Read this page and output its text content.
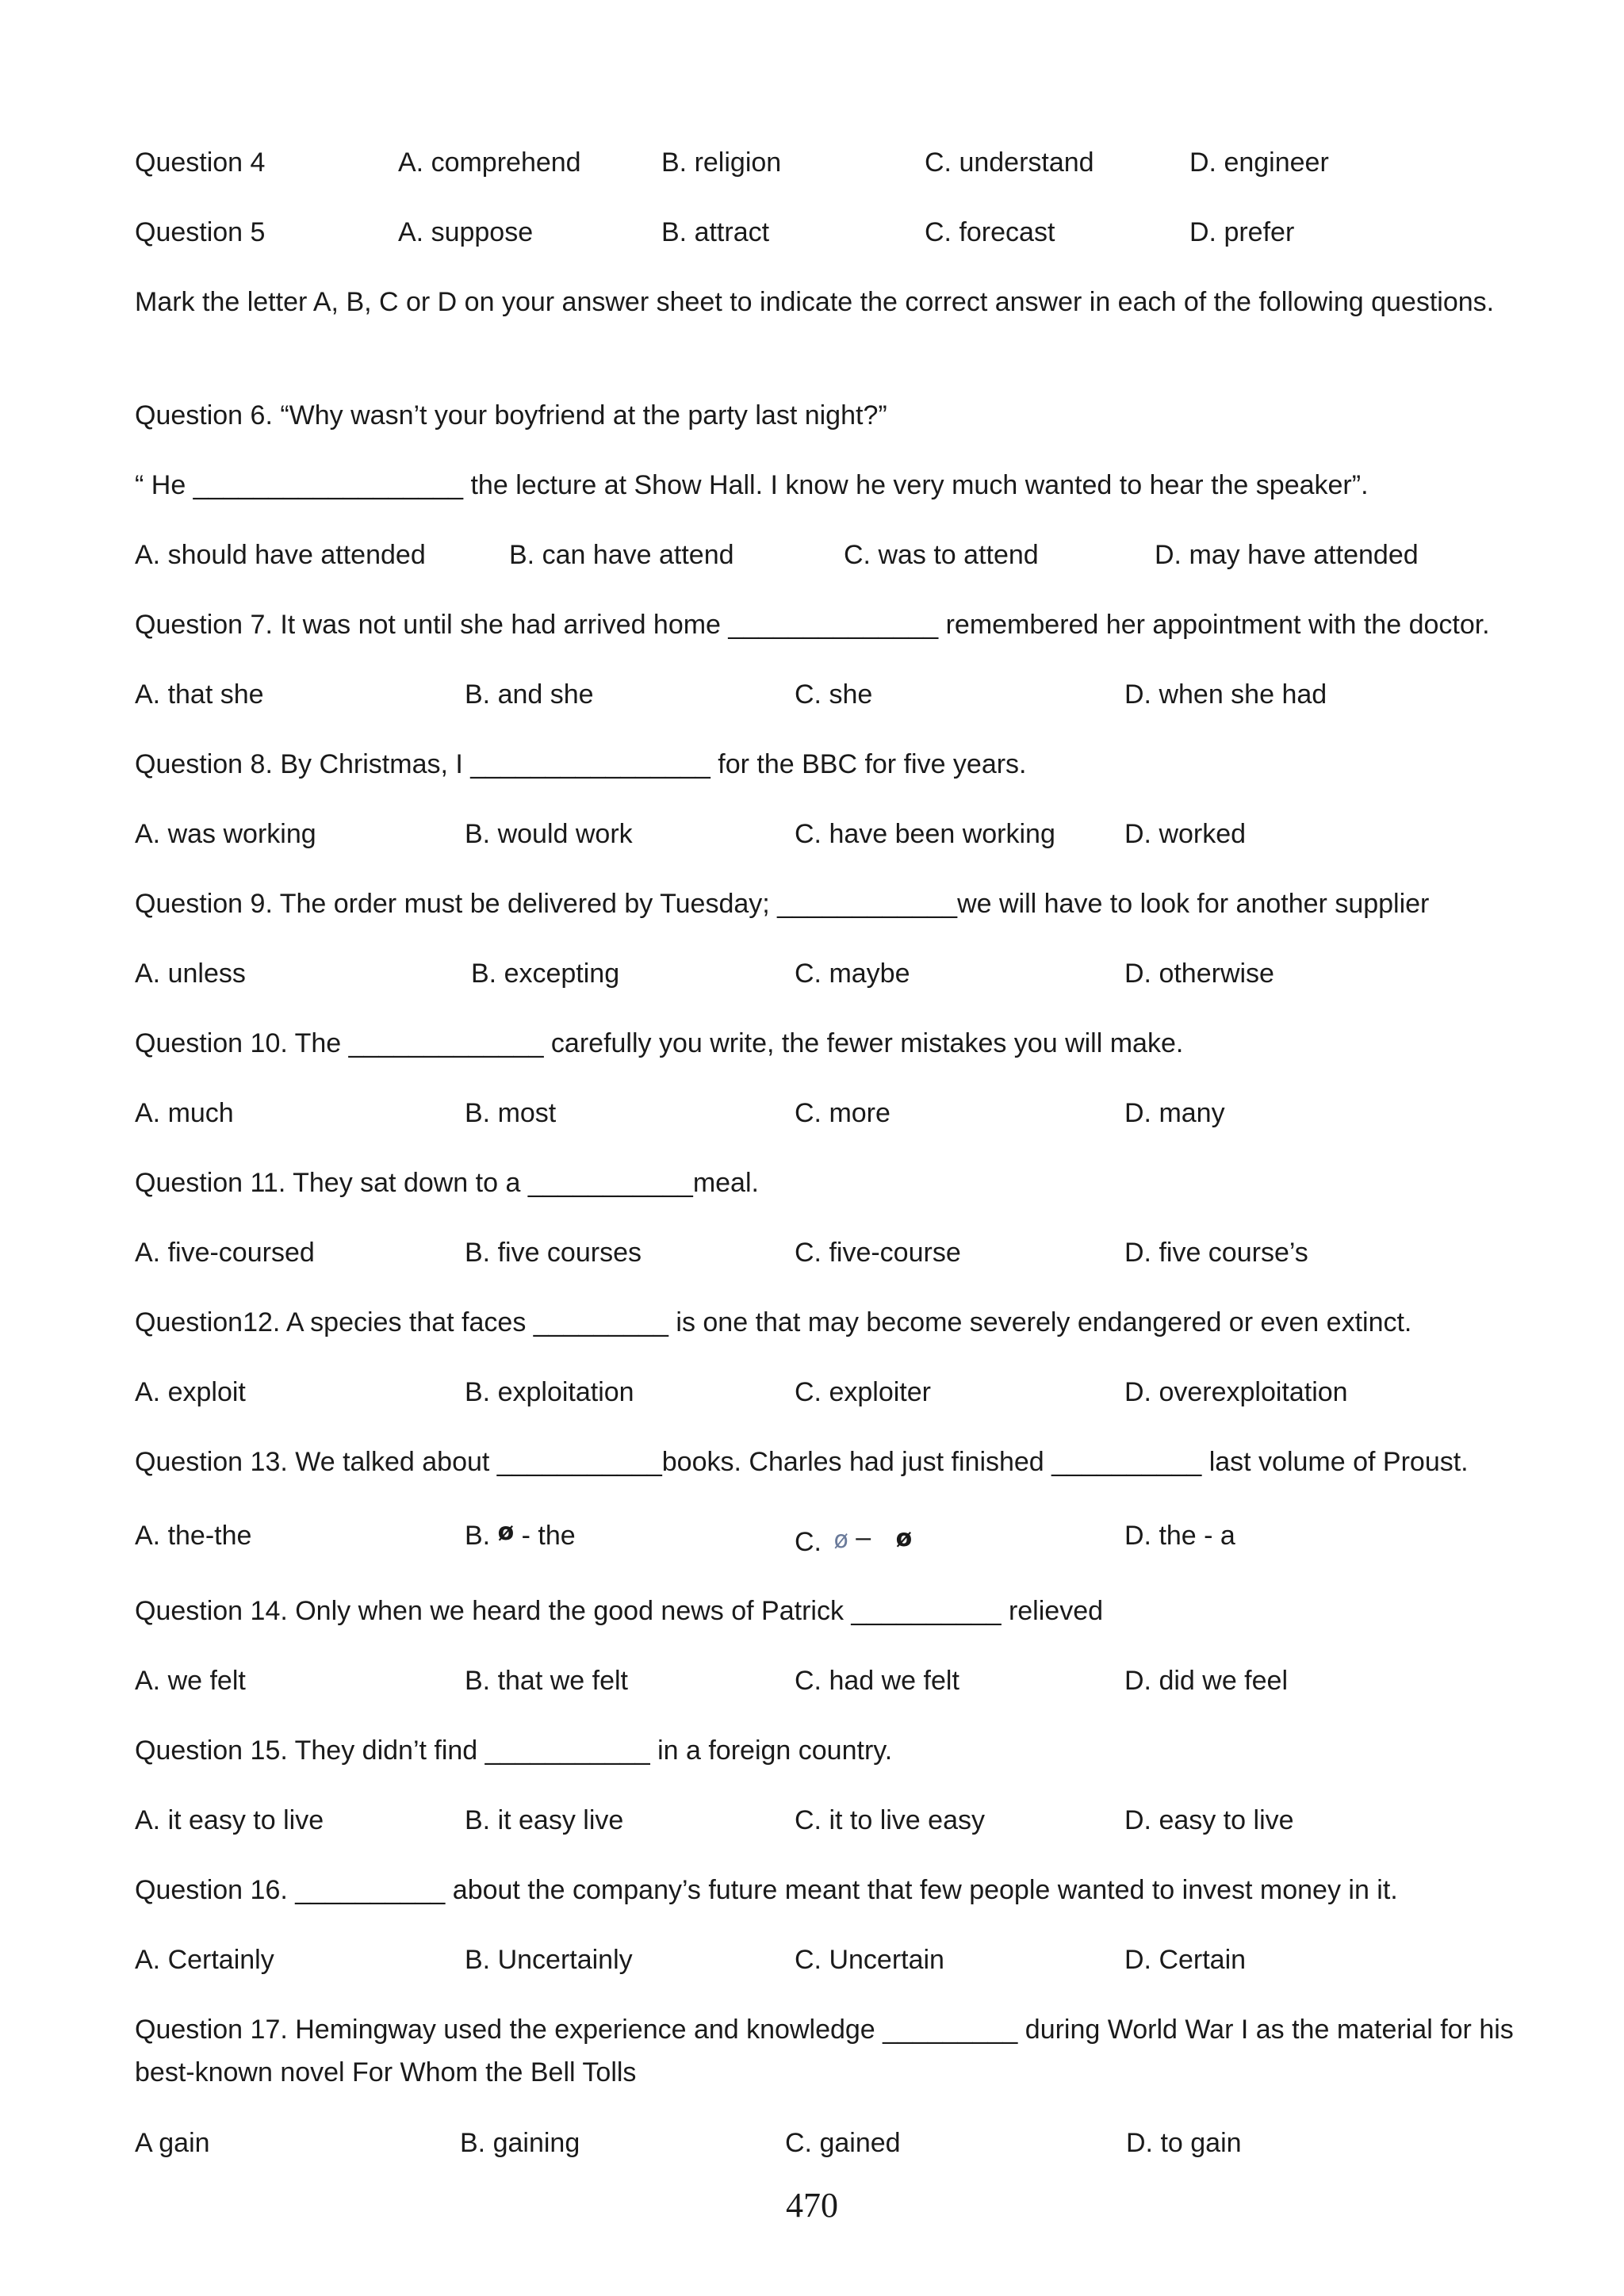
Question 4	A. comprehend	B. religion	C. understand	D. engineer
Question 5	A. suppose	B. attract	C. forecast	D. prefer
Mark the letter A, B, C or D on your answer sheet to indicate the correct answer in each of the following questions.
Question 6. “Why wasn’t your boyfriend at the party last night?”
“ He __________________ the lecture at Show Hall. I know he very much wanted to hear the speaker”.
A. should have attended	B. can have attend	C. was to attend	D. may have attended
Question 7. It was not until she had arrived home ______________ remembered her appointment with the doctor.
A. that she	B. and she	C. she	D. when she had
Question 8. By Christmas, I ________________ for the BBC for five years.
A. was working	B. would work	C. have been working	D. worked
Question 9. The order must be delivered by Tuesday; ____________we will have to look for another supplier
A. unless	B. excepting	C. maybe	D. otherwise
Question 10. The _____________ carefully you write, the fewer mistakes you will make.
A. much	B. most	C. more	D. many
Question 11. They sat down to a ___________meal.
A. five-coursed	B. five courses	C. five-course	D. five course’s
Question12. A species that faces _________ is one that may become severely endangered or even extinct.
A. exploit	B. exploitation	C. exploiter	D. overexploitation
Question 13. We talked about ___________books. Charles had just finished __________ last volume of Proust.
A. the-the	B. ø - the	C. ø – ø	D. the - a
Question 14. Only when we heard the good news of Patrick __________ relieved
A. we felt	B. that we felt	C. had we felt	D. did we feel
Question 15. They didn’t find ___________ in a foreign country.
A. it easy to live	B. it easy live	C. it to live easy	D. easy to live
Question 16. __________ about the company’s future meant that few people wanted to invest money in it.
A. Certainly	B. Uncertainly	C. Uncertain	D. Certain
Question 17. Hemingway used the experience and knowledge _________ during World War I as the material for his best-known novel For Whom the Bell Tolls
A gain	B. gaining	C. gained	D. to gain
470
